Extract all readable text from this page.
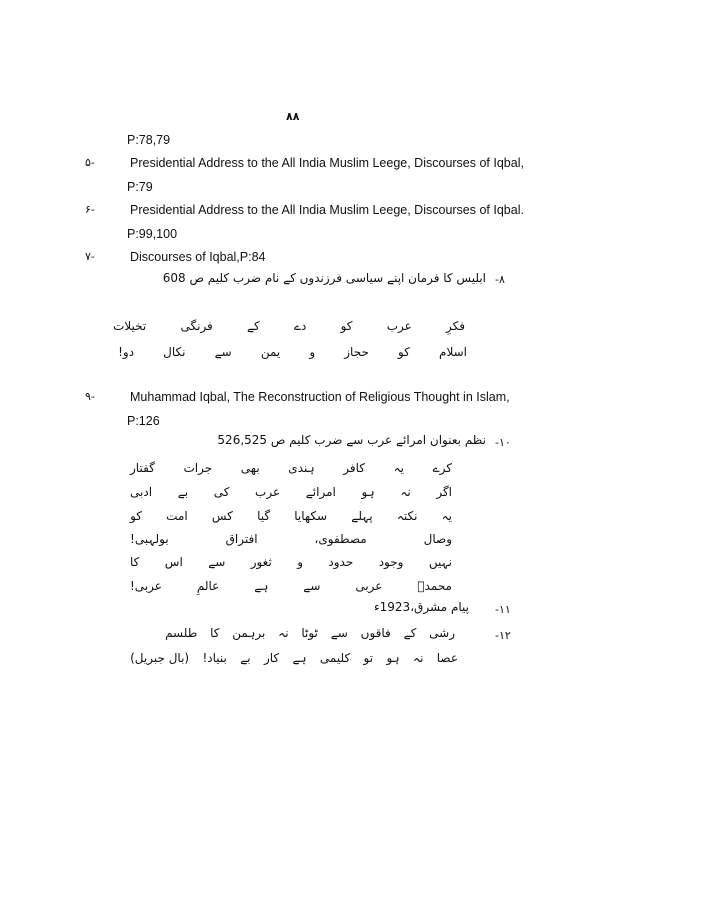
۸۸
P:78,79
۵-	Presidential Address to the All India Muslim Leege, Discourses of Iqbal,
P:79
۶-	Presidential Address to the All India Muslim Leege, Discourses of Iqbal.
P:99,100
۷-	Discourses of Iqbal,P:84
-۸
ابلیس کا فرمان اپنے سیاسی فرزندوں کے نام ضرب کلیم ص 608
فکرِ
عرب
کو
دے
کے
فرنگی
تخیلات
اسلام
کو
حجاز
و
یمن
سے
نکال
دو!
۹-	Muhammad Iqbal, The Reconstruction of Religious Thought in Islam,
P:126
-۱۰
نظم بعنوان امرائے عرب سے ضرب کلیم ص 526,525
کرے
یہ
کافر
ہندی
بھی
جرات
گفتار
اگر
نہ
ہو
امرائے
عرب
کی
بے
ادبی
یہ
نکتہ
پہلے
سکھایا
گیا
کس
امت
کو
وصال
مصطفوی،
افتراق
بولہبی!
نہیں
وجود
حدود
و
ثغور
سے
اس
کا
محمدؐ
عربی
سے
ہے
عالمِ
عربی!
-۱۱
پیام مشرق،1923ء
-۱۲
رشی
کے
فاقوں
سے
ٹوٹا
نہ
برہمن
کا
طلسم
عصا
نہ
ہو
تو
کلیمی
ہے
کار
بے
بنیاد!
(بال جبریل)
